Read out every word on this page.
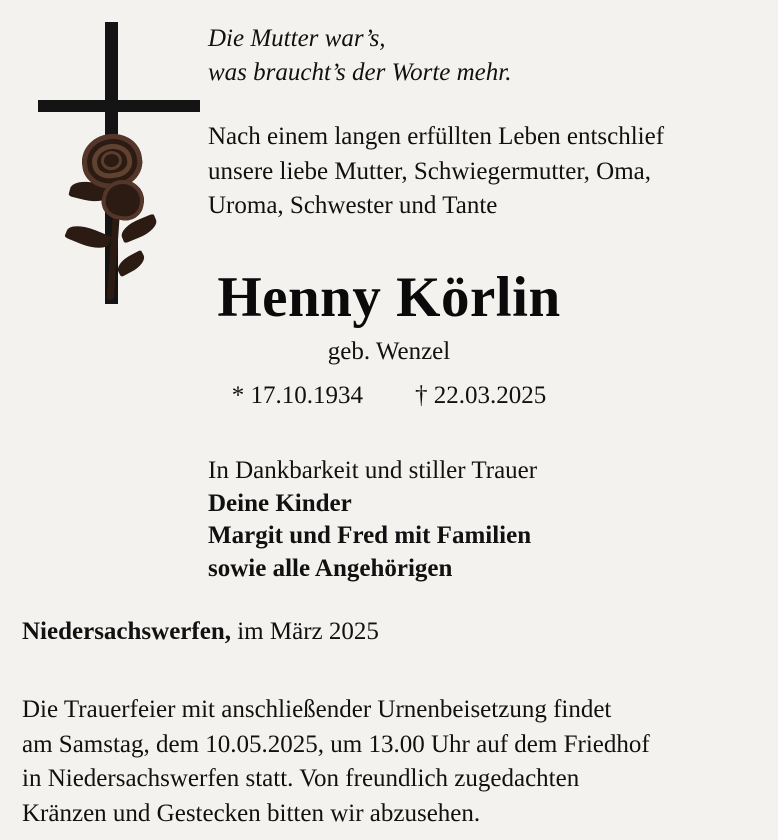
Die Mutter war’s,
was braucht’s der Worte mehr.
Nach einem langen erfüllten Leben entschlief
unsere liebe Mutter, Schwiegermutter, Oma,
Uroma, Schwester und Tante
Henny Körlin
geb. Wenzel
* 17.10.1934 † 22.03.2025
In Dankbarkeit und stiller Trauer
Deine Kinder
Margit und Fred mit Familien
sowie alle Angehörigen
Niedersachswerfen, im März 2025
Die Trauerfeier mit anschließender Urnenbeisetzung findet
am Samstag, dem 10.05.2025, um 13.00 Uhr auf dem Friedhof
in Niedersachswerfen statt. Von freundlich zugedachten
Kränzen und Gestecken bitten wir abzusehen.
